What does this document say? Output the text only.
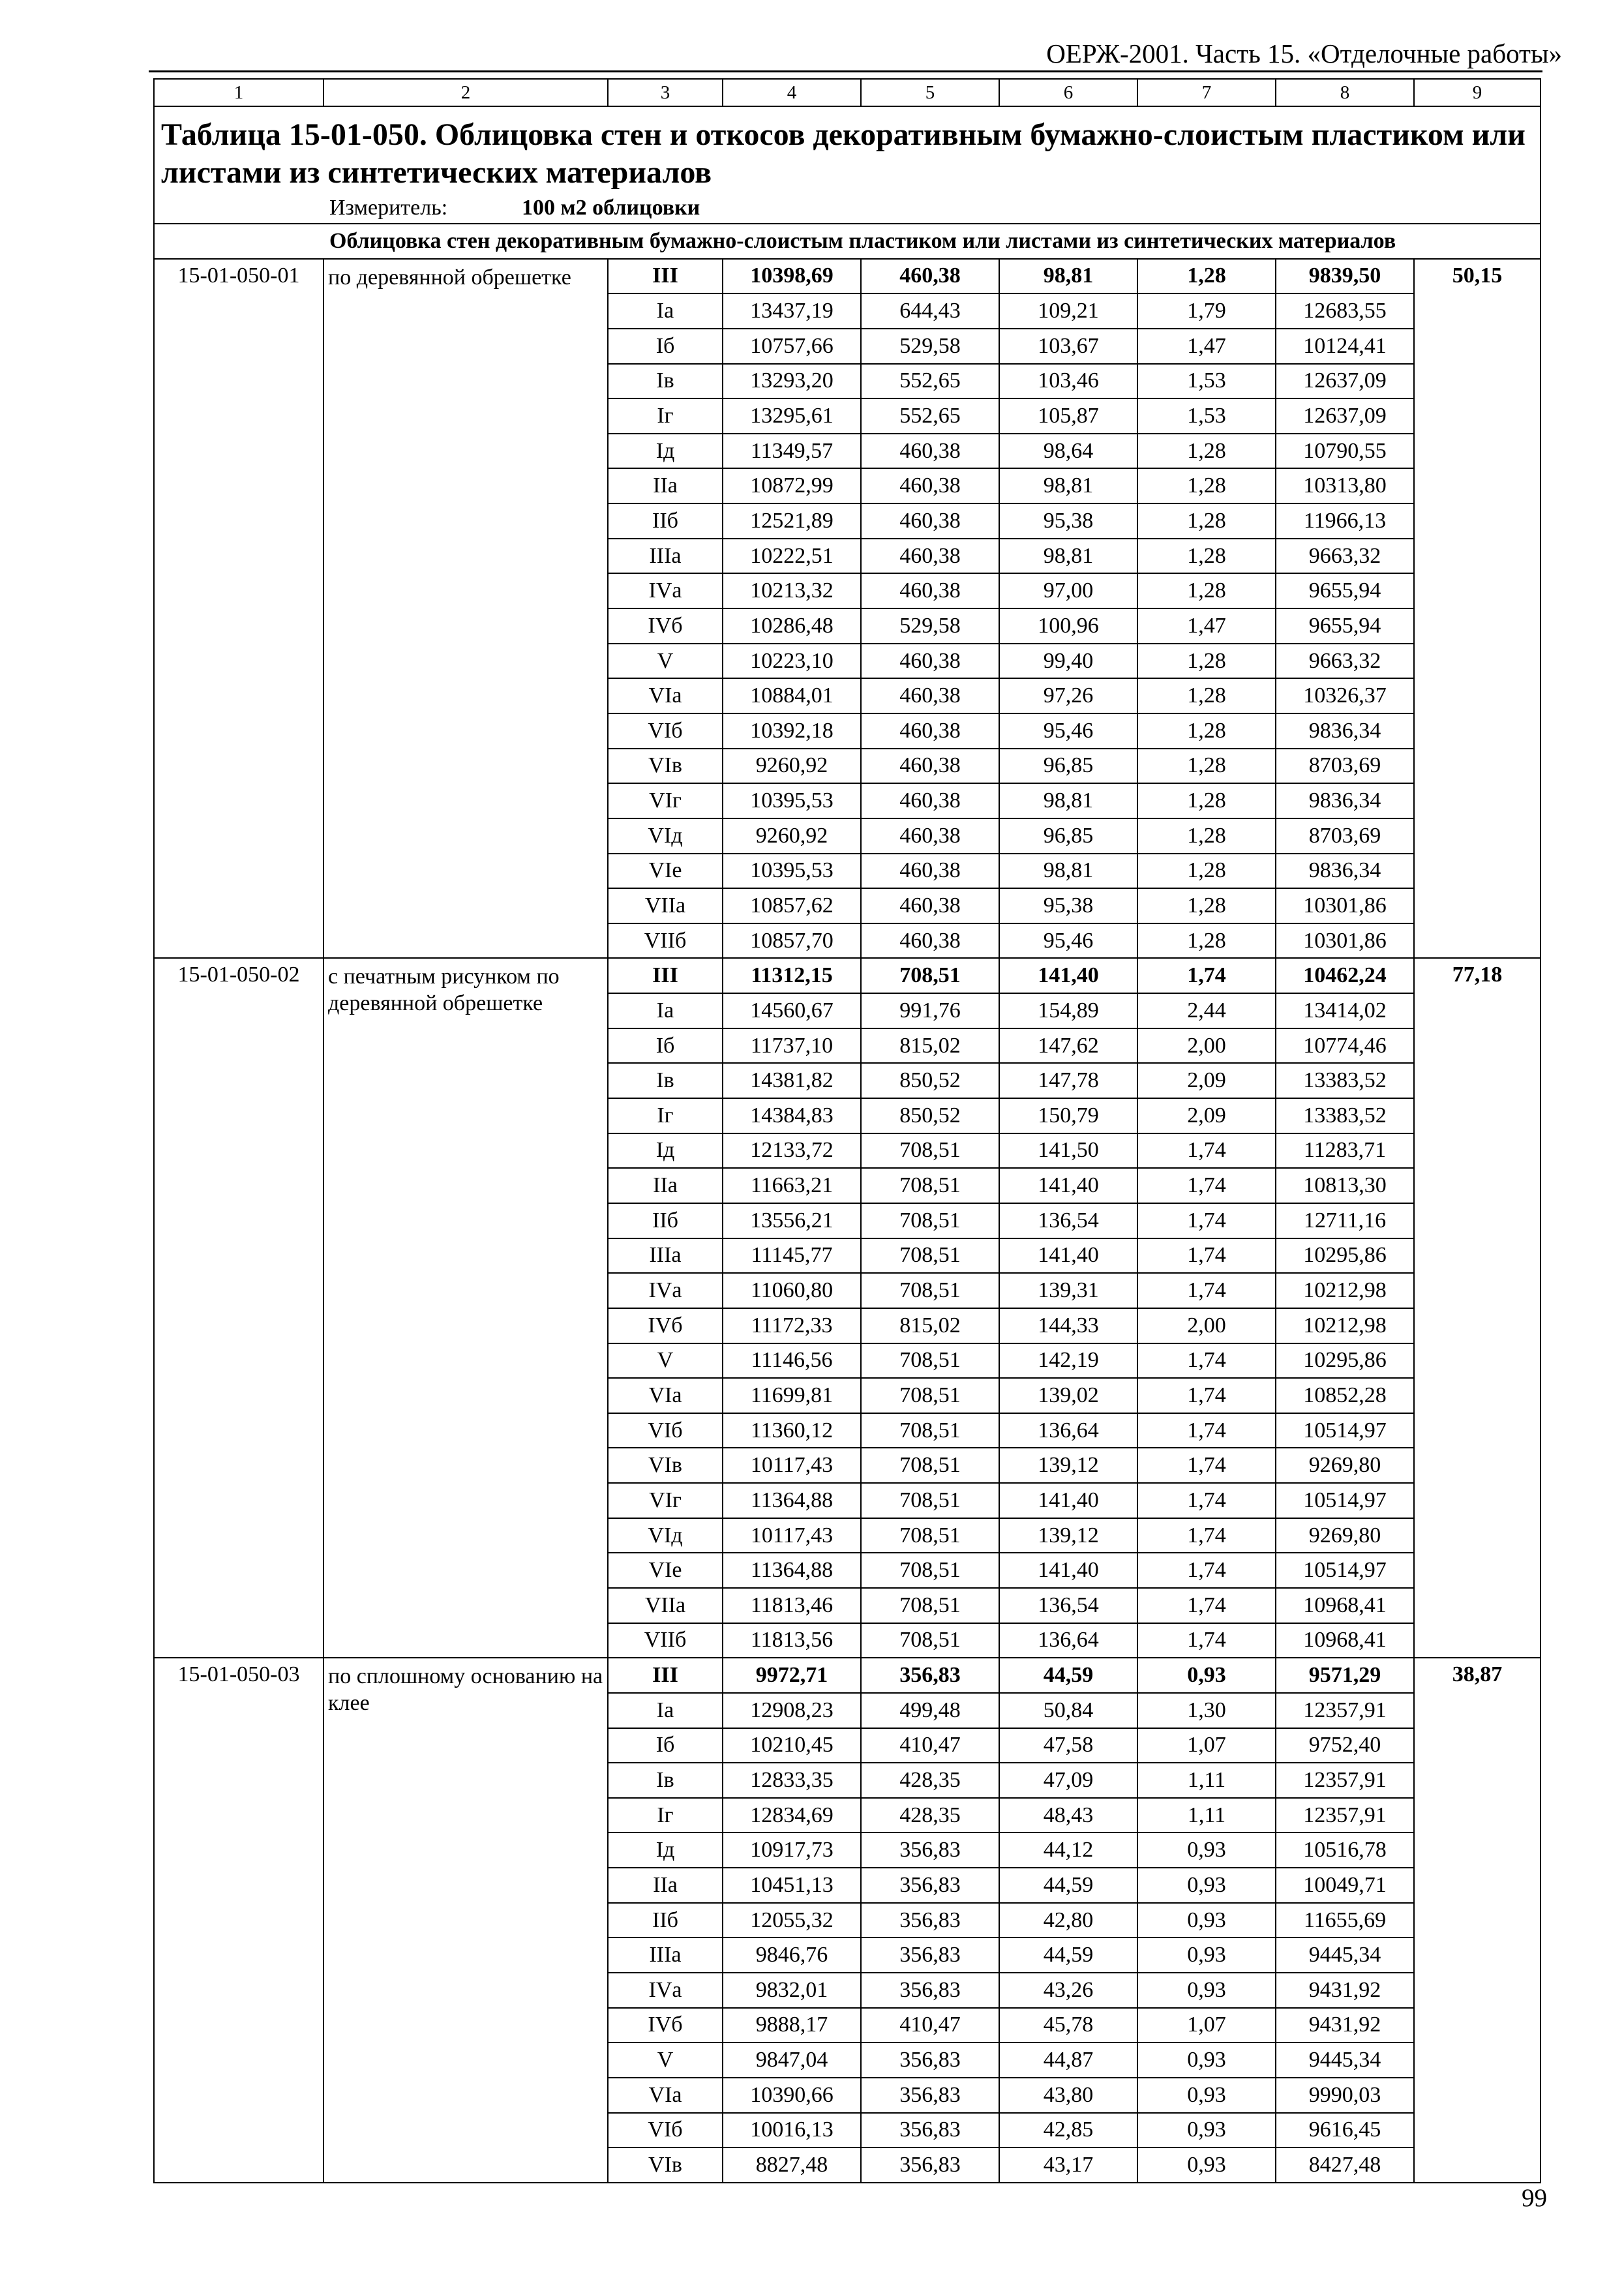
ОЕРЖ-2001. Часть 15. «Отделочные работы»
1	2	3	4	5	6	7	8	9

Таблица 15-01-050. Облицовка стен и откосов декоративным бумажно-слоистым пластиком или листами из синтетических материалов								

Измеритель: 100 м2 облицовки								
Облицовка стен декоративным бумажно-слоистым пластиком или листами из синтетических материалов								
15-01-050-01	по деревянной обрешетке	III	10398,69	460,38	98,81	1,28	9839,50	50,15
		Iа	13437,19	644,43	109,21	1,79	12683,55	
		Iб	10757,66	529,58	103,67	1,47	10124,41	
		Iв	13293,20	552,65	103,46	1,53	12637,09	
		Iг	13295,61	552,65	105,87	1,53	12637,09	
		Iд	11349,57	460,38	98,64	1,28	10790,55	
		IIа	10872,99	460,38	98,81	1,28	10313,80	
		IIб	12521,89	460,38	95,38	1,28	11966,13	
		IIIа	10222,51	460,38	98,81	1,28	9663,32	
		IVа	10213,32	460,38	97,00	1,28	9655,94	
		IVб	10286,48	529,58	100,96	1,47	9655,94	
		V	10223,10	460,38	99,40	1,28	9663,32	
		VIа	10884,01	460,38	97,26	1,28	10326,37	
		VIб	10392,18	460,38	95,46	1,28	9836,34	
		VIв	9260,92	460,38	96,85	1,28	8703,69	
		VIг	10395,53	460,38	98,81	1,28	9836,34	
		VIд	9260,92	460,38	96,85	1,28	8703,69	
		VIе	10395,53	460,38	98,81	1,28	9836,34	
		VIIа	10857,62	460,38	95,38	1,28	10301,86	
		VIIб	10857,70	460,38	95,46	1,28	10301,86	
15-01-050-02	с печатным рисунком по деревянной обрешетке	III	11312,15	708,51	141,40	1,74	10462,24	77,18
		Iа	14560,67	991,76	154,89	2,44	13414,02	
		Iб	11737,10	815,02	147,62	2,00	10774,46	
		Iв	14381,82	850,52	147,78	2,09	13383,52	
		Iг	14384,83	850,52	150,79	2,09	13383,52	
		Iд	12133,72	708,51	141,50	1,74	11283,71	
		IIа	11663,21	708,51	141,40	1,74	10813,30	
		IIб	13556,21	708,51	136,54	1,74	12711,16	
		IIIа	11145,77	708,51	141,40	1,74	10295,86	
		IVа	11060,80	708,51	139,31	1,74	10212,98	
		IVб	11172,33	815,02	144,33	2,00	10212,98	
		V	11146,56	708,51	142,19	1,74	10295,86	
		VIа	11699,81	708,51	139,02	1,74	10852,28	
		VIб	11360,12	708,51	136,64	1,74	10514,97	
		VIв	10117,43	708,51	139,12	1,74	9269,80	
		VIг	11364,88	708,51	141,40	1,74	10514,97	
		VIд	10117,43	708,51	139,12	1,74	9269,80	
		VIе	11364,88	708,51	141,40	1,74	10514,97	
		VIIа	11813,46	708,51	136,54	1,74	10968,41	
		VIIб	11813,56	708,51	136,64	1,74	10968,41	
15-01-050-03	по сплошному основанию на клее	III	9972,71	356,83	44,59	0,93	9571,29	38,87
		Iа	12908,23	499,48	50,84	1,30	12357,91	
		Iб	10210,45	410,47	47,58	1,07	9752,40	
		Iв	12833,35	428,35	47,09	1,11	12357,91	
		Iг	12834,69	428,35	48,43	1,11	12357,91	
		Iд	10917,73	356,83	44,12	0,93	10516,78	
		IIа	10451,13	356,83	44,59	0,93	10049,71	
		IIб	12055,32	356,83	42,80	0,93	11655,69	
		IIIа	9846,76	356,83	44,59	0,93	9445,34	
		IVа	9832,01	356,83	43,26	0,93	9431,92	
		IVб	9888,17	410,47	45,78	1,07	9431,92	
		V	9847,04	356,83	44,87	0,93	9445,34	
		VIа	10390,66	356,83	43,80	0,93	9990,03	
		VIб	10016,13	356,83	42,85	0,93	9616,45	
		VIв	8827,48	356,83	43,17	0,93	8427,48	
99
